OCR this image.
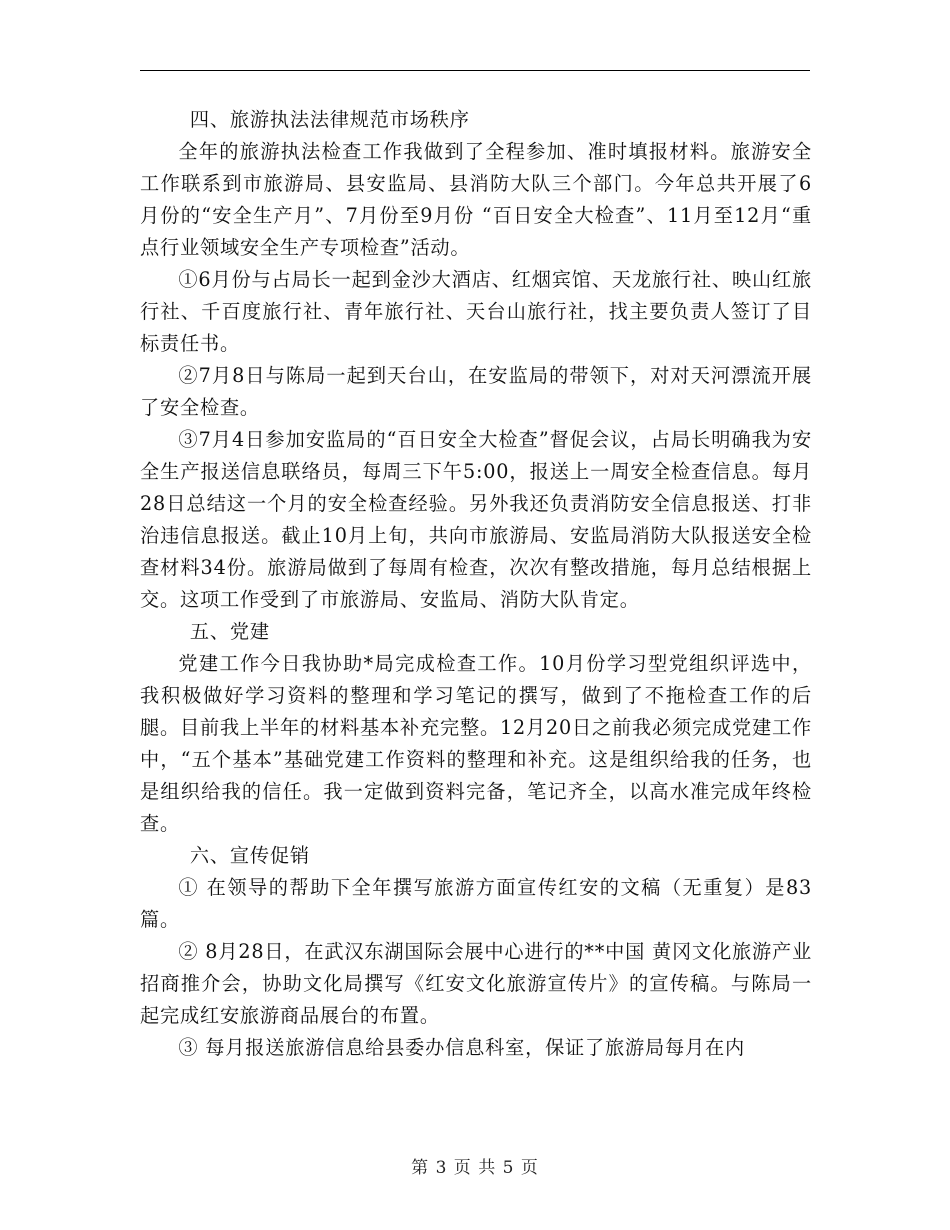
四、旅游执法法律规范市场秩序

全年的旅游执法检查工作我做到了全程参加、准时填报材料。旅游安全工作联系到市旅游局、县安监局、县消防大队三个部门。今年总共开展了6月份的“安全生产月”、7月份至9月份 “百日安全大检查”、11月至12月“重点行业领域安全生产专项检查”活动。

①6月份与占局长一起到金沙大酒店、红烟宾馆、天龙旅行社、映山红旅行社、千百度旅行社、青年旅行社、天台山旅行社，找主要负责人签订了目标责任书。

②7月8日与陈局一起到天台山，在安监局的带领下，对对天河漂流开展了安全检查。

③7月4日参加安监局的“百日安全大检查”督促会议，占局长明确我为安全生产报送信息联络员，每周三下午5:00，报送上一周安全检查信息。每月28日总结这一个月的安全检查经验。另外我还负责消防安全信息报送、打非治违信息报送。截止10月上旬，共向市旅游局、安监局消防大队报送安全检查材料34份。旅游局做到了每周有检查，次次有整改措施，每月总结根据上交。这项工作受到了市旅游局、安监局、消防大队肯定。

五、党建

党建工作今日我协助*局完成检查工作。10月份学习型党组织评选中，我积极做好学习资料的整理和学习笔记的撰写，做到了不拖检查工作的后腿。目前我上半年的材料基本补充完整。12月20日之前我必须完成党建工作中，“五个基本”基础党建工作资料的整理和补充。这是组织给我的任务，也是组织给我的信任。我一定做到资料完备，笔记齐全，以高水准完成年终检查。

六、宣传促销

① 在领导的帮助下全年撰写旅游方面宣传红安的文稿（无重复）是83篇。

② 8月28日，在武汉东湖国际会展中心进行的**中国 黄冈文化旅游产业招商推介会，协助文化局撰写《红安文化旅游宣传片》的宣传稿。与陈局一起完成红安旅游商品展台的布置。

③ 每月报送旅游信息给县委办信息科室，保证了旅游局每月在内

第 3 页 共 5 页
